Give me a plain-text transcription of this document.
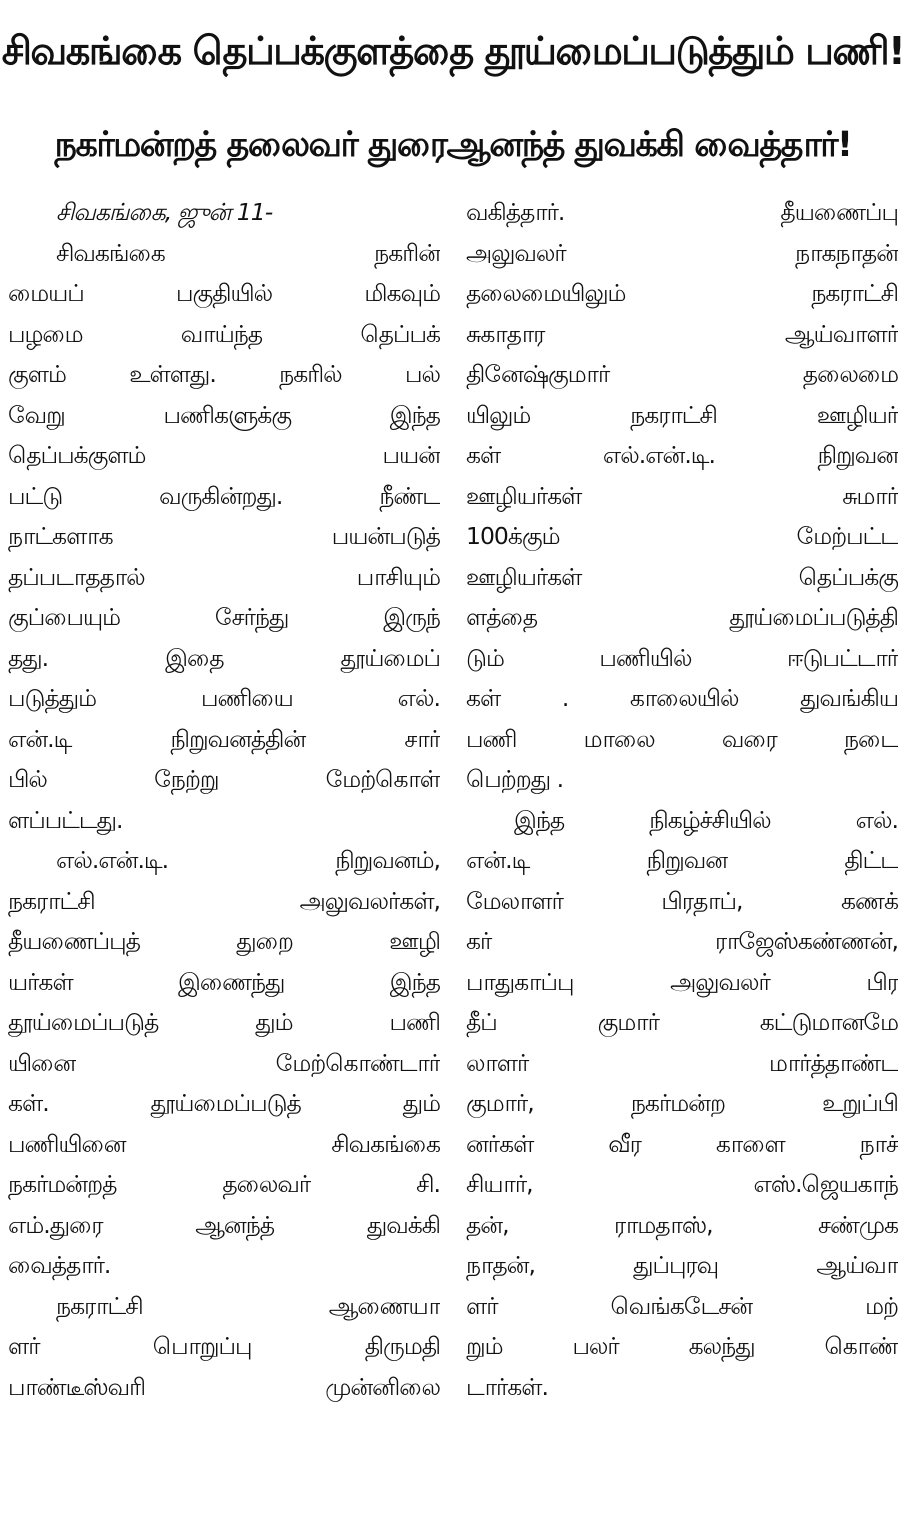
சிவகங்கை தெப்பக்குளத்தை தூய்மைப்படுத்தும் பணி!
நகர்மன்றத் தலைவர் துரைஆனந்த் துவக்கி வைத்தார்!
சிவகங்கை, ஜுன் 11-
சிவகங்கை நகரின்
மையப் பகுதியில் மிகவும்
பழமை வாய்ந்த தெப்பக்
குளம் உள்ளது. நகரில் பல்
வேறு பணிகளுக்கு இந்த
தெப்பக்குளம் பயன்
பட்டு வருகின்றது. நீண்ட
நாட்களாக பயன்படுத்
தப்படாததால் பாசியும்
குப்பையும் சேர்ந்து இருந்
தது. இதை தூய்மைப்
படுத்தும் பணியை எல்.
என்.டி நிறுவனத்தின் சார்
பில் நேற்று மேற்கொள்
ளப்பட்டது.
எல்.என்.டி. நிறுவனம்,
நகராட்சி அலுவலர்கள்,
தீயணைப்புத் துறை ஊழி
யர்கள் இணைந்து இந்த
தூய்மைப்படுத் தும் பணி
யினை மேற்கொண்டார்
கள். தூய்மைப்படுத் தும்
பணியினை சிவகங்கை
நகர்மன்றத் தலைவர் சி.
எம்.துரை ஆனந்த் துவக்கி
வைத்தார்.
நகராட்சி ஆணையா
ளர் பொறுப்பு திருமதி
பாண்டீஸ்வரி முன்னிலை
வகித்தார். தீயணைப்பு
அலுவலர் நாகநாதன்
தலைமையிலும் நகராட்சி
சுகாதார ஆய்வாளர்
தினேஷ்குமார் தலைமை
யிலும் நகராட்சி ஊழியர்
கள் எல்.என்.டி. நிறுவன
ஊழியர்கள் சுமார்
100க்கும் மேற்பட்ட
ஊழியர்கள் தெப்பக்கு
ளத்தை தூய்மைப்படுத்தி
டும் பணியில் ஈடுபட்டார்
கள் . காலையில் துவங்கிய
பணி மாலை வரை நடை
பெற்றது .
இந்த நிகழ்ச்சியில் எல்.
என்.டி நிறுவன திட்ட
மேலாளர் பிரதாப், கணக்
கர் ராஜேஸ்கண்ணன்,
பாதுகாப்பு அலுவலர் பிர
தீப் குமார் கட்டுமானமே
லாளர் மார்த்தாண்ட
குமார், நகர்மன்ற உறுப்பி
னர்கள் வீர காளை நாச்
சியார், எஸ்.ஜெயகாந்
தன், ராமதாஸ், சண்முக
நாதன், துப்புரவு ஆய்வா
ளர் வெங்கடேசன் மற்
றும் பலர் கலந்து கொண்
டார்கள்.
